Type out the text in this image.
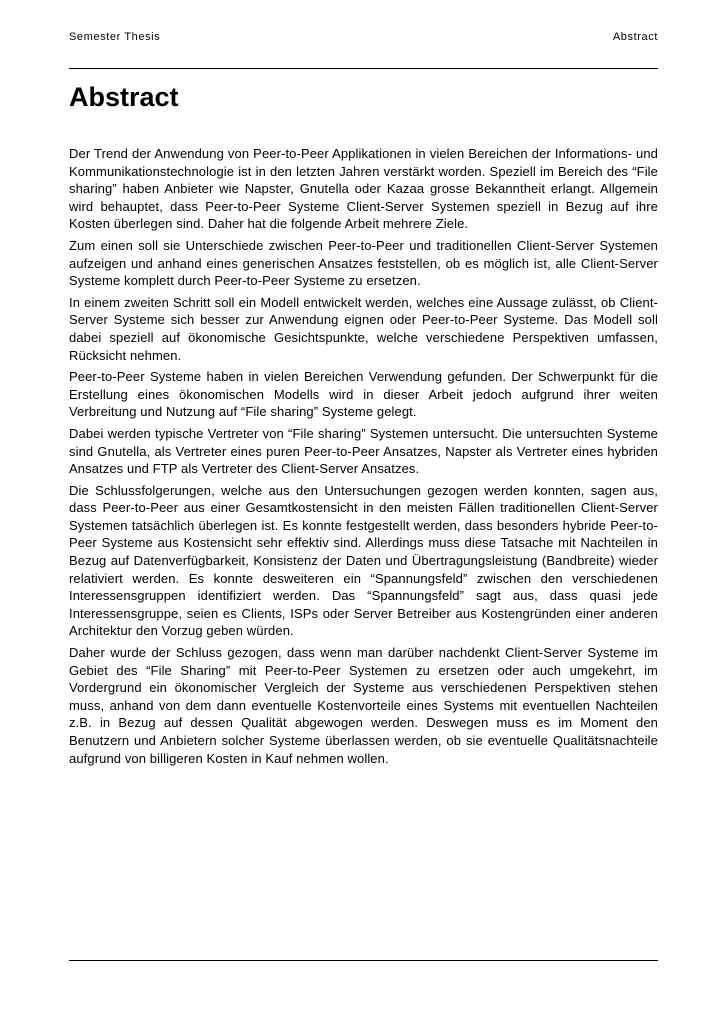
Semester Thesis	Abstract
Abstract

Der Trend der Anwendung von Peer-to-Peer Applikationen in vielen Bereichen der Informations- und Kommunikationstechnologie ist in den letzten Jahren verstärkt worden. Speziell im Bereich des “File sharing” haben Anbieter wie Napster, Gnutella oder Kazaa grosse Bekanntheit erlangt. Allgemein wird behauptet, dass Peer-to-Peer Systeme Client-Server Systemen speziell in Bezug auf ihre Kosten überlegen sind. Daher hat die folgende Arbeit mehrere Ziele.

Zum einen soll sie Unterschiede zwischen Peer-to-Peer und traditionellen Client-Server Systemen aufzeigen und anhand eines generischen Ansatzes feststellen, ob es möglich ist, alle Client-Server Systeme komplett durch Peer-to-Peer Systeme zu ersetzen.

In einem zweiten Schritt soll ein Modell entwickelt werden, welches eine Aussage zulässt, ob Client-Server Systeme sich besser zur Anwendung eignen oder Peer-to-Peer Systeme. Das Modell soll dabei speziell auf ökonomische Gesichtspunkte, welche verschiedene Perspektiven umfassen, Rücksicht nehmen.

Peer-to-Peer Systeme haben in vielen Bereichen Verwendung gefunden. Der Schwerpunkt für die Erstellung eines ökonomischen Modells wird in dieser Arbeit jedoch aufgrund ihrer weiten Verbreitung und Nutzung auf “File sharing” Systeme gelegt.

Dabei werden typische Vertreter von “File sharing” Systemen untersucht. Die untersuchten Systeme sind Gnutella, als Vertreter eines puren Peer-to-Peer Ansatzes, Napster als Vertreter eines hybriden Ansatzes und FTP als Vertreter des Client-Server Ansatzes.

Die Schlussfolgerungen, welche aus den Untersuchungen gezogen werden konnten, sagen aus, dass Peer-to-Peer aus einer Gesamtkostensicht in den meisten Fällen traditionellen Client-Server Systemen tatsächlich überlegen ist. Es konnte festgestellt werden, dass besonders hybride Peer-to-Peer Systeme aus Kostensicht sehr effektiv sind. Allerdings muss diese Tatsache mit Nachteilen in Bezug auf Datenverfügbarkeit, Konsistenz der Daten und Übertragungsleistung (Bandbreite) wieder relativiert werden. Es konnte desweiteren ein “Spannungsfeld” zwischen den verschiedenen Interessensgruppen identifiziert werden. Das “Spannungsfeld” sagt aus, dass quasi jede Interessensgruppe, seien es Clients, ISPs oder Server Betreiber aus Kostengründen einer anderen Architektur den Vorzug geben würden.

Daher wurde der Schluss gezogen, dass wenn man darüber nachdenkt Client-Server Systeme im Gebiet des “File Sharing” mit Peer-to-Peer Systemen zu ersetzen oder auch umgekehrt, im Vordergrund ein ökonomischer Vergleich der Systeme aus verschiedenen Perspektiven stehen muss, anhand von dem dann eventuelle Kostenvorteile eines Systems mit eventuellen Nachteilen z.B. in Bezug auf dessen Qualität abgewogen werden. Deswegen muss es im Moment den Benutzern und Anbietern solcher Systeme überlassen werden, ob sie eventuelle Qualitätsnachteile aufgrund von billigeren Kosten in Kauf nehmen wollen.
